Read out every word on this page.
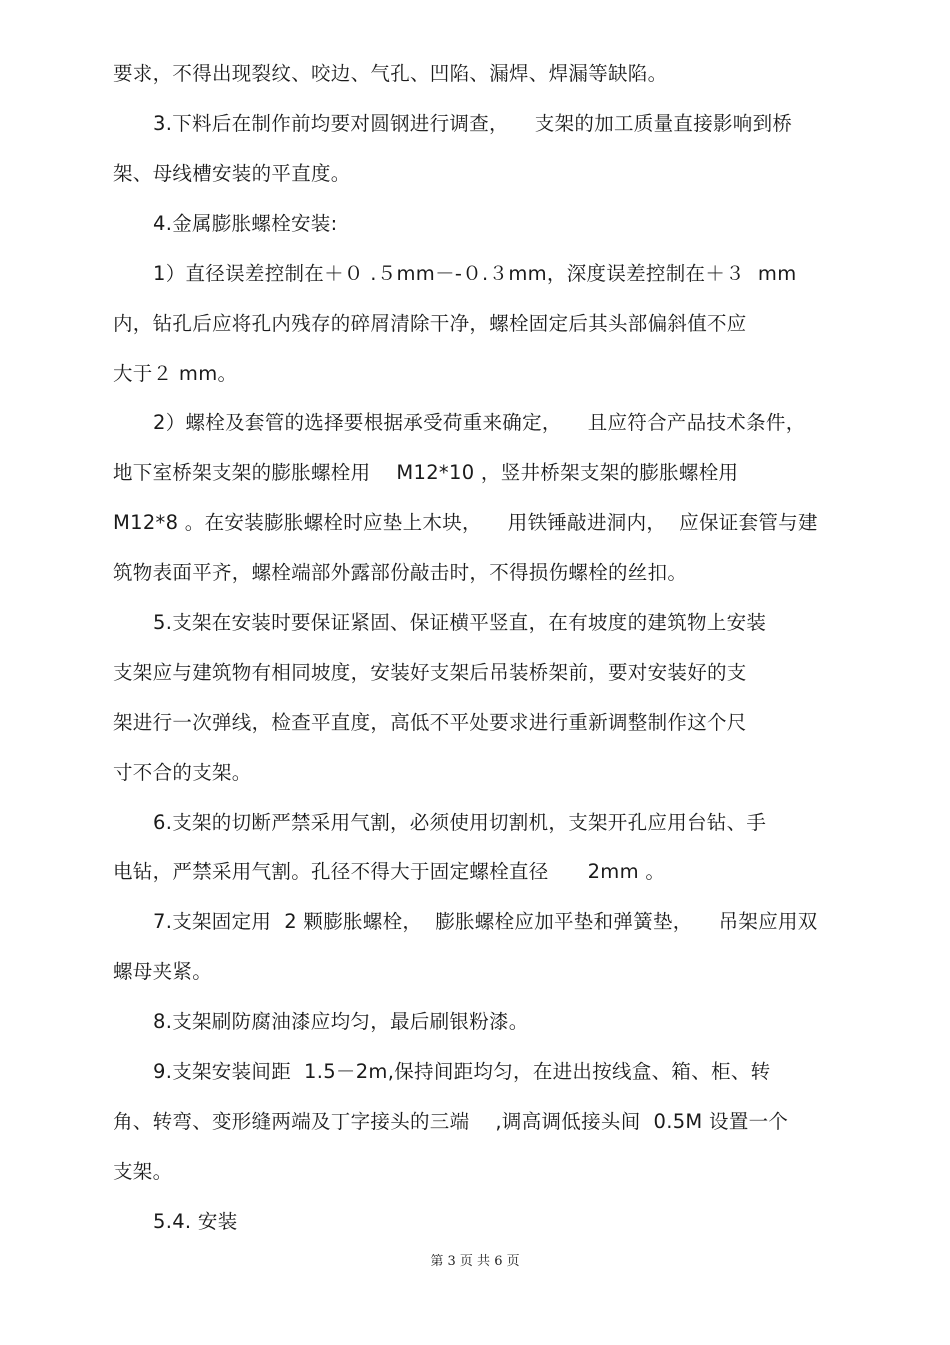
要求，不得出现裂纹、咬边、气孔、凹陷、漏焊、焊漏等缺陷。
3.下料后在制作前均要对圆钢进行调查，    支架的加工质量直接影响到桥
架、母线槽安装的平直度。
4.金属膨胀螺栓安装:
1）直径误差控制在＋０ .５mm－-０.３mm，深度误差控制在＋３  mm
内，钻孔后应将孔内残存的碎屑清除干净，螺栓固定后其头部偏斜值不应
大于２ mm。
2）螺栓及套管的选择要根据承受荷重来确定，    且应符合产品技术条件，
地下室桥架支架的膨胀螺栓用    M12*10 ，竖井桥架支架的膨胀螺栓用
M12*8 。在安装膨胀螺栓时应垫上木块，    用铁锤敲进洞内，  应保证套管与建
筑物表面平齐，螺栓端部外露部份敲击时，不得损伤螺栓的丝扣。
5.支架在安装时要保证紧固、保证横平竖直，在有坡度的建筑物上安装
支架应与建筑物有相同坡度，安装好支架后吊装桥架前，要对安装好的支
架进行一次弹线，检查平直度，高低不平处要求进行重新调整制作这个尺
寸不合的支架。
6.支架的切断严禁采用气割，必须使用切割机，支架开孔应用台钻、手
电钻，严禁采用气割。孔径不得大于固定螺栓直径      2mm 。
7.支架固定用  2 颗膨胀螺栓，  膨胀螺栓应加平垫和弹簧垫，    吊架应用双
螺母夹紧。
8.支架刷防腐油漆应均匀，最后刷银粉漆。
9.支架安装间距  1.5－2m,保持间距均匀，在进出按线盒、箱、柜、转
角、转弯、变形缝两端及丁字接头的三端    ,调高调低接头间  0.5M 设置一个
支架。
5.4. 安装
第 3 页 共 6 页
